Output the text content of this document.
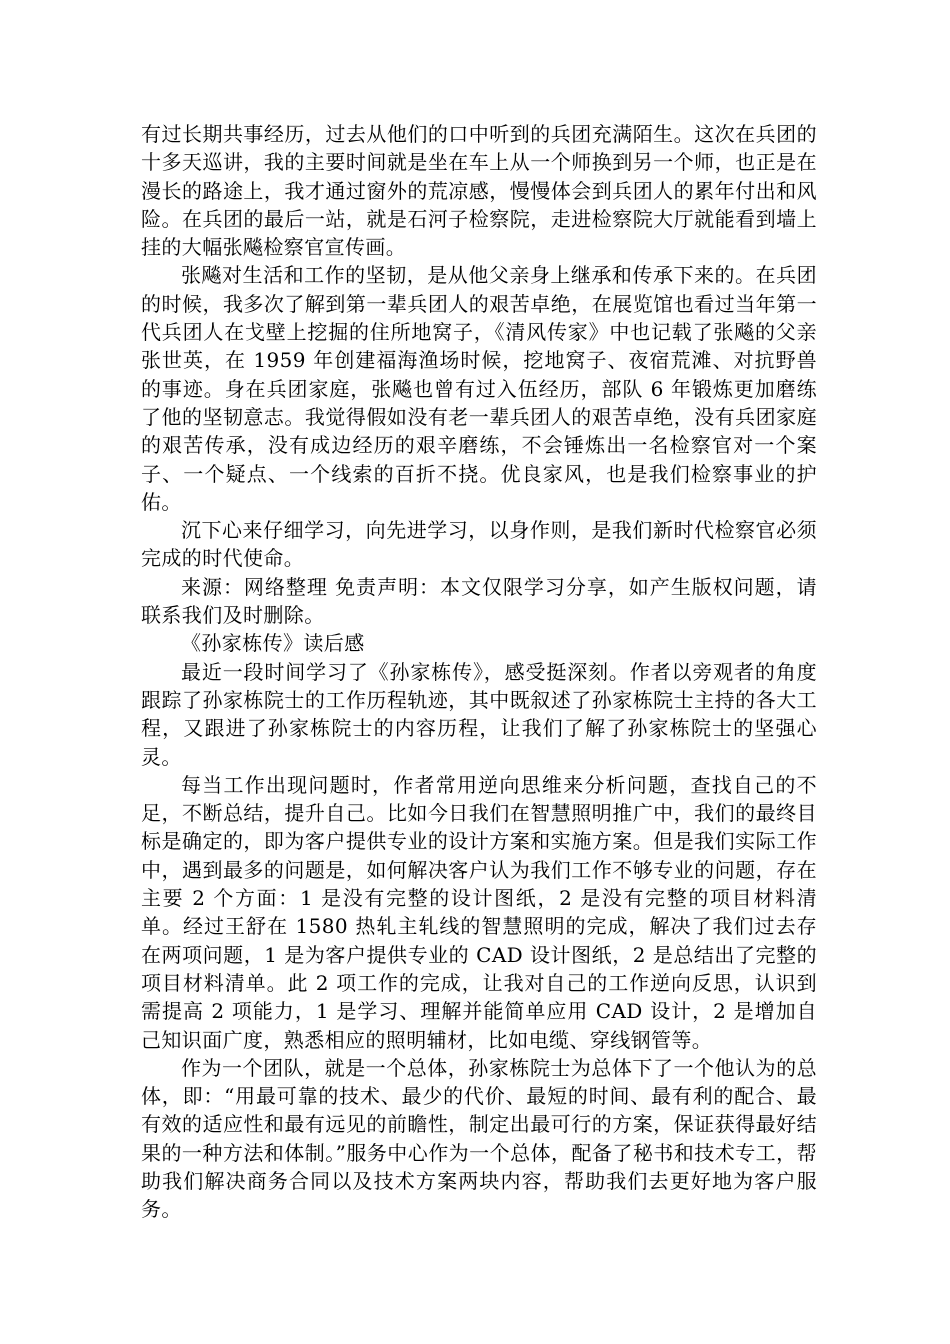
有过长期共事经历，过去从他们的口中听到的兵团充满陌生。这次在兵团的十多天巡讲，我的主要时间就是坐在车上从一个师换到另一个师，也正是在漫长的路途上，我才通过窗外的荒凉感，慢慢体会到兵团人的累年付出和风险。在兵团的最后一站，就是石河子检察院，走进检察院大厅就能看到墙上挂的大幅张飚检察官宣传画。

张飚对生活和工作的坚韧，是从他父亲身上继承和传承下来的。在兵团的时候，我多次了解到第一辈兵团人的艰苦卓绝，在展览馆也看过当年第一代兵团人在戈壁上挖掘的住所地窝子，《清风传家》中也记载了张飚的父亲张世英，在 1959 年创建福海渔场时候，挖地窝子、夜宿荒滩、对抗野兽的事迹。身在兵团家庭，张飚也曾有过入伍经历，部队 6 年锻炼更加磨练了他的坚韧意志。我觉得假如没有老一辈兵团人的艰苦卓绝，没有兵团家庭的艰苦传承，没有成边经历的艰辛磨练，不会锤炼出一名检察官对一个案子、一个疑点、一个线索的百折不挠。优良家风，也是我们检察事业的护佑。

沉下心来仔细学习，向先进学习，以身作则，是我们新时代检察官必须完成的时代使命。

来源：网络整理 免责声明：本文仅限学习分享，如产生版权问题，请联系我们及时删除。

《孙家栋传》读后感

最近一段时间学习了《孙家栋传》，感受挺深刻。作者以旁观者的角度跟踪了孙家栋院士的工作历程轨迹，其中既叙述了孙家栋院士主持的各大工程，又跟进了孙家栋院士的内容历程，让我们了解了孙家栋院士的坚强心灵。

每当工作出现问题时，作者常用逆向思维来分析问题，查找自己的不足，不断总结，提升自己。比如今日我们在智慧照明推广中，我们的最终目标是确定的，即为客户提供专业的设计方案和实施方案。但是我们实际工作中，遇到最多的问题是，如何解决客户认为我们工作不够专业的问题，存在主要 2 个方面：1 是没有完整的设计图纸，2 是没有完整的项目材料清单。经过王舒在 1580 热轧主轧线的智慧照明的完成，解决了我们过去存在两项问题，1 是为客户提供专业的 CAD 设计图纸，2 是总结出了完整的项目材料清单。此 2 项工作的完成，让我对自己的工作逆向反思，认识到需提高 2 项能力，1 是学习、理解并能简单应用 CAD 设计，2 是增加自己知识面广度，熟悉相应的照明辅材，比如电缆、穿线钢管等。

作为一个团队，就是一个总体，孙家栋院士为总体下了一个他认为的总体，即：“用最可靠的技术、最少的代价、最短的时间、最有利的配合、最有效的适应性和最有远见的前瞻性，制定出最可行的方案，保证获得最好结果的一种方法和体制。”服务中心作为一个总体，配备了秘书和技术专工，帮助我们解决商务合同以及技术方案两块内容，帮助我们去更好地为客户服务。
